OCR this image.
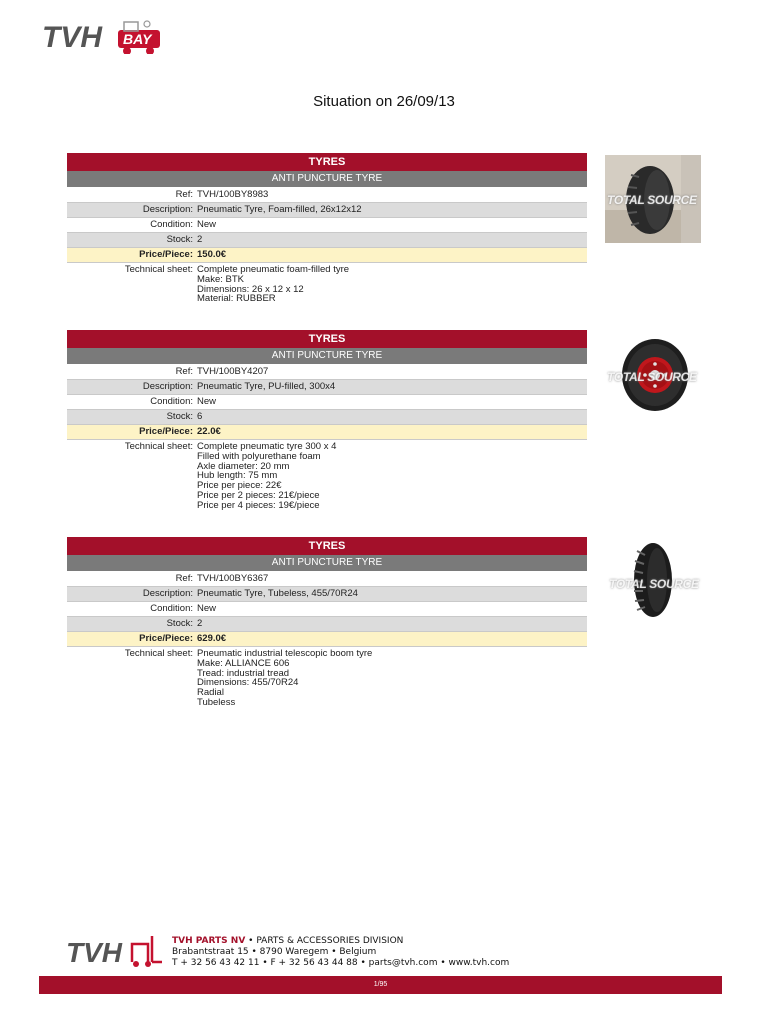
TVH BAY
Situation on 26/09/13
TYRES
ANTI PUNCTURE TYRE
Ref: TVH/100BY8983
Description: Pneumatic Tyre, Foam-filled, 26x12x12
Condition: New
Stock: 2
Price/Piece: 150.0€
Technical sheet: Complete pneumatic foam-filled tyre
Make: BTK
Dimensions: 26 x 12 x 12
Material: RUBBER
TOTAL SOURCE
TYRES
ANTI PUNCTURE TYRE
Ref: TVH/100BY4207
Description: Pneumatic Tyre, PU-filled, 300x4
Condition: New
Stock: 6
Price/Piece: 22.0€
Technical sheet: Complete pneumatic tyre 300 x 4
Filled with polyurethane foam
Axle diameter: 20 mm
Hub length: 75 mm
Price per piece: 22€
Price per 2 pieces: 21€/piece
Price per 4 pieces: 19€/piece
TOTAL SOURCE
TYRES
ANTI PUNCTURE TYRE
Ref: TVH/100BY6367
Description: Pneumatic Tyre, Tubeless, 455/70R24
Condition: New
Stock: 2
Price/Piece: 629.0€
Technical sheet: Pneumatic industrial telescopic boom tyre
Make: ALLIANCE 606
Tread: industrial tread
Dimensions: 455/70R24
Radial
Tubeless
TOTAL SOURCE
TVH	TVH PARTS NV • PARTS & ACCESSORIES DIVISION
Brabantstraat 15 • 8790 Waregem • Belgium
T + 32 56 43 42 11 • F + 32 56 43 44 88 • parts@tvh.com • www.tvh.com
1/95
